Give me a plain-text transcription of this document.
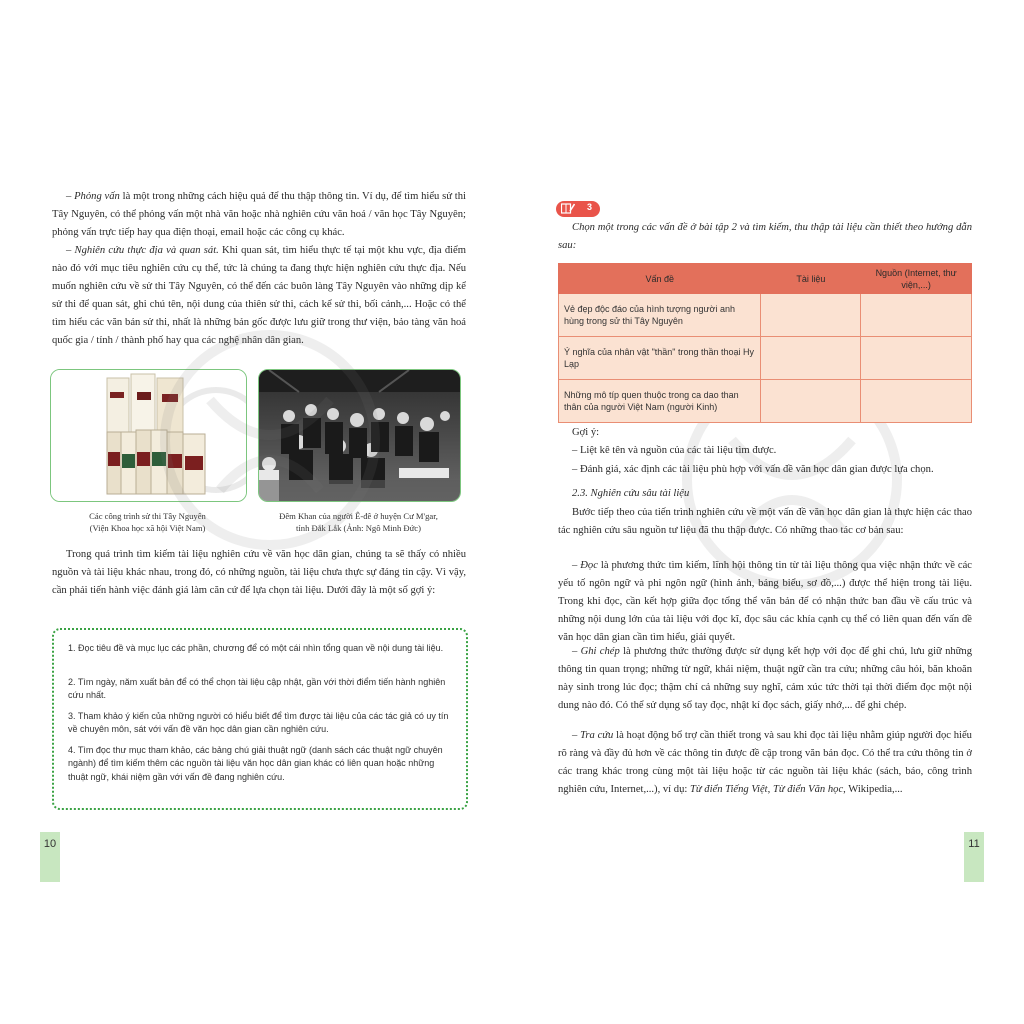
– Phỏng vấn là một trong những cách hiệu quả để thu thập thông tin. Ví dụ, để tìm hiểu sử thi Tây Nguyên, có thể phỏng vấn một nhà văn hoặc nhà nghiên cứu văn hoá / văn học Tây Nguyên; phỏng vấn trực tiếp hay qua điện thoại, email hoặc các công cụ khác.

– Nghiên cứu thực địa và quan sát. Khi quan sát, tìm hiểu thực tế tại một khu vực, địa điểm nào đó với mục tiêu nghiên cứu cụ thể, tức là chúng ta đang thực hiện nghiên cứu thực địa. Nếu muốn nghiên cứu về sử thi Tây Nguyên, có thể đến các buôn làng Tây Nguyên vào những dịp kể sử thi để quan sát, ghi chú tên, nội dung của thiên sử thi, cách kể sử thi, bối cảnh,... Hoặc có thể tìm hiểu các văn bản sử thi, nhất là những bản gốc được lưu giữ trong thư viện, bảo tàng văn hoá quốc gia / tỉnh / thành phố hay qua các nghệ nhân dân gian.

Các công trình sử thi Tây Nguyên
(Viện Khoa học xã hội Việt Nam)
Đêm Khan của người Ê-đê ở huyện Cư M'gar,
tỉnh Đắk Lắk (Ảnh: Ngô Minh Đức)

Trong quá trình tìm kiếm tài liệu nghiên cứu về văn học dân gian, chúng ta sẽ thấy có nhiều nguồn và tài liệu khác nhau, trong đó, có những nguồn, tài liệu chưa thực sự đáng tin cậy. Vì vậy, cần phải tiến hành việc đánh giá làm căn cứ để lựa chọn tài liệu. Dưới đây là một số gợi ý:

1. Đọc tiêu đề và mục lục các phần, chương để có một cái nhìn tổng quan về nội dung tài liệu.

2. Tìm ngày, năm xuất bản để có thể chọn tài liệu cập nhật, gần với thời điểm tiến hành nghiên cứu nhất.

3. Tham khảo ý kiến của những người có hiểu biết để tìm được tài liệu của các tác giả có uy tín về chuyên môn, sát với vấn đề văn học dân gian cần nghiên cứu.

4. Tìm đọc thư mục tham khảo, các bảng chú giải thuật ngữ (danh sách các thuật ngữ chuyên ngành) để tìm kiếm thêm các nguồn tài liệu văn học dân gian khác có liên quan hoặc những thuật ngữ, khái niệm gần với vấn đề đang nghiên cứu.

10	11
3

Chọn một trong các vấn đề ở bài tập 2 và tìm kiếm, thu thập tài liệu cần thiết theo hướng dẫn sau:

Vấn đề	Tài liệu	Nguồn (Internet, thư viện,...)
Vẻ đẹp độc đáo của hình tượng người anh hùng trong sử thi Tây Nguyên		
Ý nghĩa của nhân vật "thần" trong thần thoại Hy Lạp		
Những mô típ quen thuộc trong ca dao than thân của người Việt Nam (người Kinh)		

Gợi ý:

– Liệt kê tên và nguồn của các tài liệu tìm được.

– Đánh giá, xác định các tài liệu phù hợp với vấn đề văn học dân gian được lựa chọn.

2.3. Nghiên cứu sâu tài liệu

Bước tiếp theo của tiến trình nghiên cứu về một vấn đề văn học dân gian là thực hiện các thao tác nghiên cứu sâu nguồn tư liệu đã thu thập được. Có những thao tác cơ bản sau:

– Đọc là phương thức tìm kiếm, lĩnh hội thông tin từ tài liệu thông qua việc nhận thức về các yếu tố ngôn ngữ và phi ngôn ngữ (hình ảnh, bảng biểu, sơ đồ,...) được thể hiện trong tài liệu. Trong khi đọc, cần kết hợp giữa đọc tổng thể văn bản để có nhận thức ban đầu về cấu trúc và những nội dung lớn của tài liệu với đọc kĩ, đọc sâu các khía cạnh cụ thể có liên quan đến vấn đề văn học dân gian cần tìm hiểu, giải quyết.

– Ghi chép là phương thức thường được sử dụng kết hợp với đọc để ghi chú, lưu giữ những thông tin quan trọng; những từ ngữ, khái niệm, thuật ngữ cần tra cứu; những câu hỏi, băn khoăn này sinh trong lúc đọc; thậm chí cả những suy nghĩ, cảm xúc tức thời tại thời điểm đọc một nội dung nào đó. Có thể sử dụng sổ tay đọc, nhật kí đọc sách, giấy nhớ,... để ghi chép.

– Tra cứu là hoạt động bổ trợ cần thiết trong và sau khi đọc tài liệu nhằm giúp người đọc hiểu rõ ràng và đầy đủ hơn về các thông tin được đề cập trong văn bản đọc. Có thể tra cứu thông tin ở các trang khác trong cùng một tài liệu hoặc từ các nguồn tài liệu khác (sách, báo, công trình nghiên cứu, Internet,...), ví dụ: Từ điển Tiếng Việt, Từ điển Văn học, Wikipedia,...
